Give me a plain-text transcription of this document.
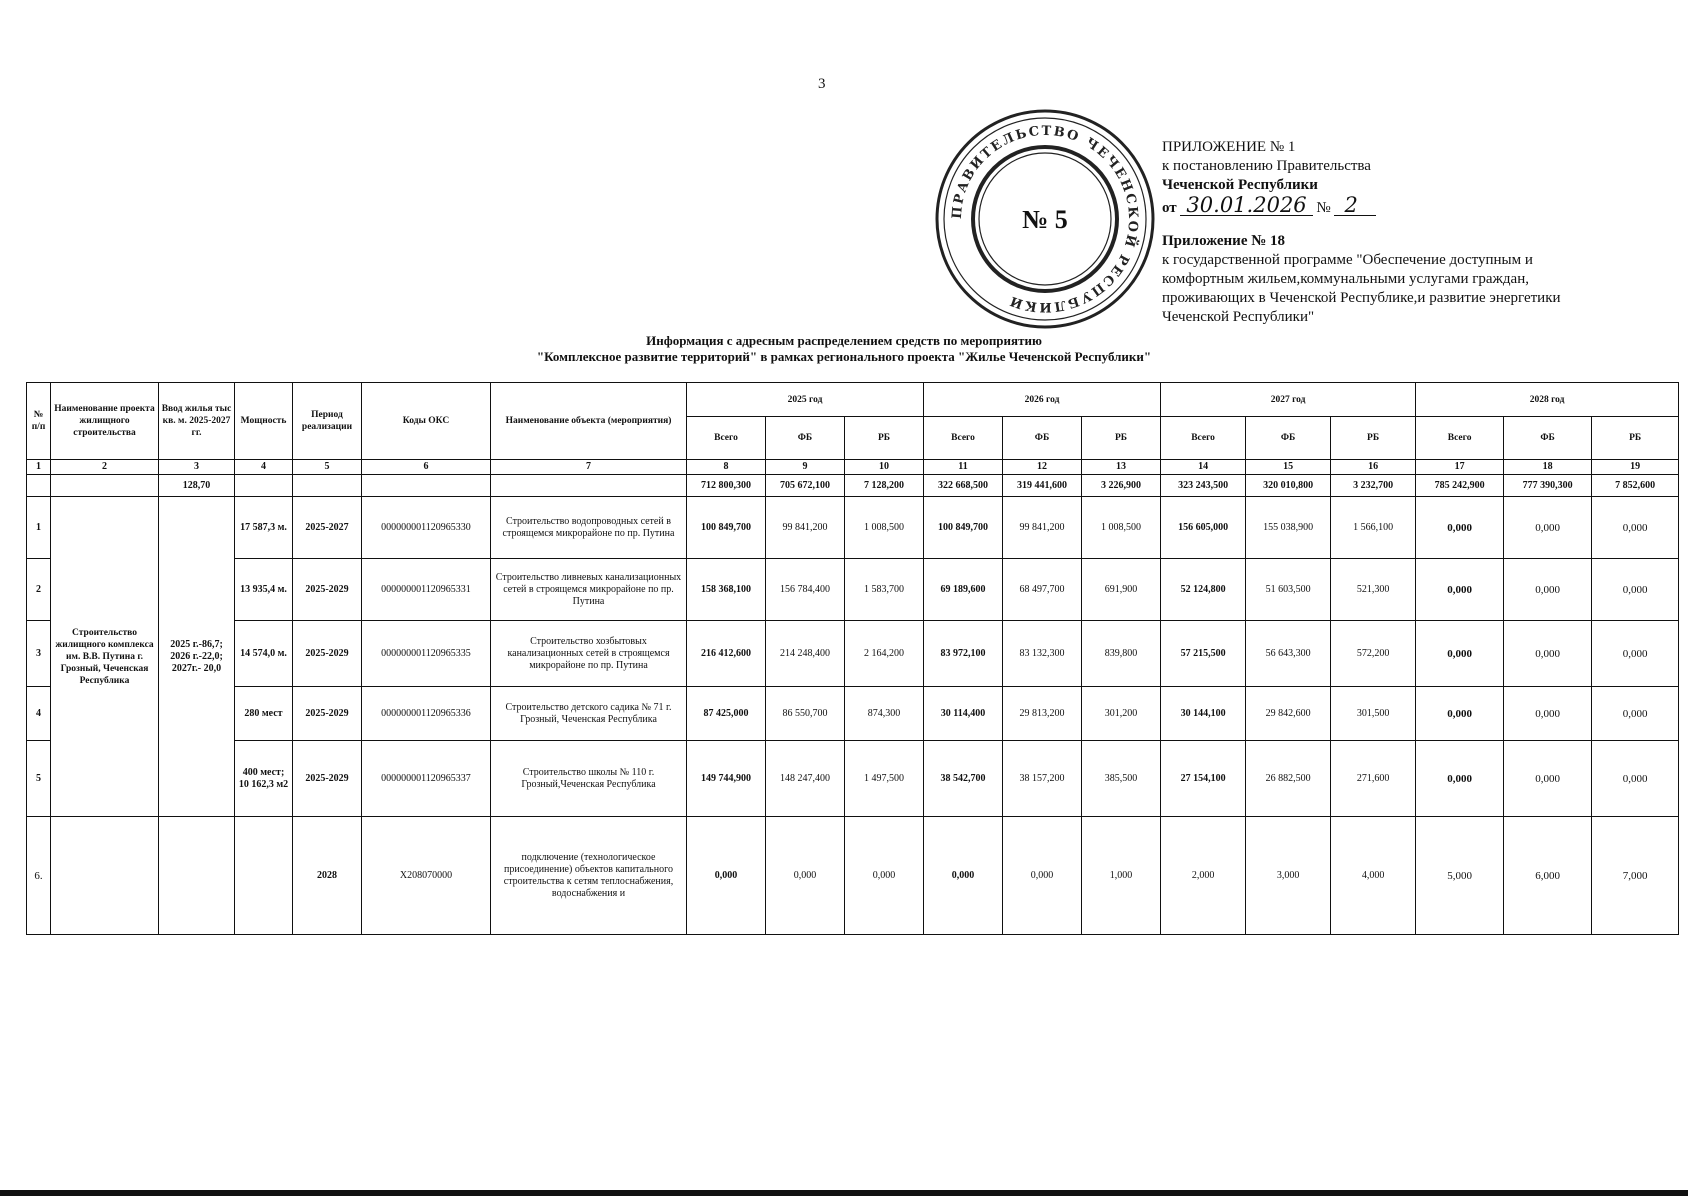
3
ПРАВИТЕЛЬСТВО ЧЕЧЕНСКОЙ РЕСПУБЛИКИ
№ 5
ПРИЛОЖЕНИЕ № 1
к постановлению Правительства
Чеченской Республики
от 30.01.2026 № 2
Приложение № 18
к государственной программе "Обеспечение доступным и
комфортным жильем,коммунальными услугами граждан,
проживающих в Чеченской Республике,и развитие энергетики
Чеченской Республики"
Информация с адресным распределением средств по мероприятию
"Комплексное развитие территорий" в рамках регионального проекта "Жилье Чеченской Республики"
№ п/п	Наименование проекта жилищного строительства	Ввод жилья тыс кв. м. 2025-2027 гг.	Мощность	Период реализации	Коды ОКС	Наименование объекта (мероприятия)	2025 год			2026 год			2027 год			2028 год		
							Всего	ФБ	РБ	Всего	ФБ	РБ	Всего	ФБ	РБ	Всего	ФБ	РБ
1	2	3	4	5	6	7	8	9	10	11	12	13	14	15	16	17	18	19
		128,70					712 800,300	705 672,100	7 128,200	322 668,500	319 441,600	3 226,900	323 243,500	320 010,800	3 232,700	785 242,900	777 390,300	7 852,600
1	Строительство жилищного комплекса им. В.В. Путина г. Грозный, Чеченская Республика	2025 г.-86,7; 2026 г.-22,0; 2027г.- 20,0	17 587,3 м.	2025-2027	000000001120965330	Строительство водопроводных сетей в строящемся микрорайоне по пр. Путина	100 849,700	99 841,200	1 008,500	100 849,700	99 841,200	1 008,500	156 605,000	155 038,900	1 566,100	0,000	0,000	0,000
2			13 935,4 м.	2025-2029	000000001120965331	Строительство ливневых канализационных сетей в строящемся микрорайоне по пр. Путина	158 368,100	156 784,400	1 583,700	69 189,600	68 497,700	691,900	52 124,800	51 603,500	521,300	0,000	0,000	0,000
3			14 574,0 м.	2025-2029	000000001120965335	Строительство хозбытовых канализационных сетей в строящемся микрорайоне по пр. Путина	216 412,600	214 248,400	2 164,200	83 972,100	83 132,300	839,800	57 215,500	56 643,300	572,200	0,000	0,000	0,000
4			280 мест	2025-2029	000000001120965336	Строительство детского садика № 71 г. Грозный, Чеченская Республика	87 425,000	86 550,700	874,300	30 114,400	29 813,200	301,200	30 144,100	29 842,600	301,500	0,000	0,000	0,000
5			400 мест; 10 162,3 м2	2025-2029	000000001120965337	Строительство школы № 110 г. Грозный,Чеченская Республика	149 744,900	148 247,400	1 497,500	38 542,700	38 157,200	385,500	27 154,100	26 882,500	271,600	0,000	0,000	0,000
6.				2028	Х208070000	подключение (технологическое присоединение) объектов капитального строительства к сетям теплоснабжения, водоснабжения и	0,000	0,000	0,000	0,000	0,000	1,000	2,000	3,000	4,000	5,000	6,000	7,000
